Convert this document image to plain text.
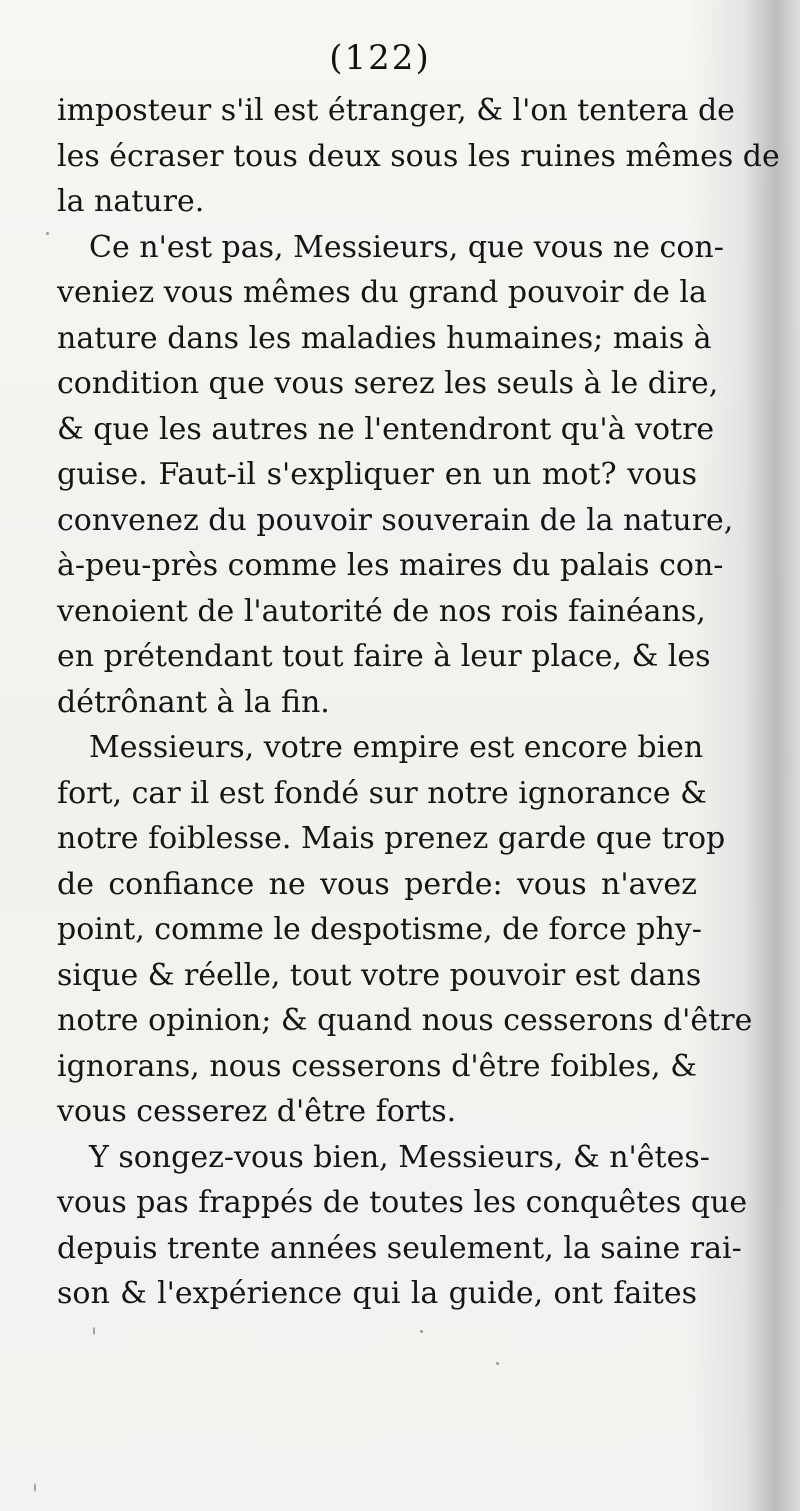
(122)
imposteur s'il est étranger, & l'on tentera de
les écraser tous deux sous les ruines mêmes de
la nature.
Ce n'est pas, Messieurs, que vous ne con-
veniez vous mêmes du grand pouvoir de la
nature dans les maladies humaines; mais à
condition que vous serez les seuls à le dire,
& que les autres ne l'entendront qu'à votre
guise. Faut-il s'expliquer en un mot? vous
convenez du pouvoir souverain de la nature,
à-peu-près comme les maires du palais con-
venoient de l'autorité de nos rois fainéans,
en prétendant tout faire à leur place, & les
détrônant à la fin.
Messieurs, votre empire est encore bien
fort, car il est fondé sur notre ignorance &
notre foiblesse. Mais prenez garde que trop
de confiance ne vous perde: vous n'avez
point, comme le despotisme, de force phy-
sique & réelle, tout votre pouvoir est dans
notre opinion; & quand nous cesserons d'être
ignorans, nous cesserons d'être foibles, &
vous cesserez d'être forts.
Y songez-vous bien, Messieurs, & n'êtes-
vous pas frappés de toutes les conquêtes que
depuis trente années seulement, la saine rai-
son & l'expérience qui la guide, ont faites
